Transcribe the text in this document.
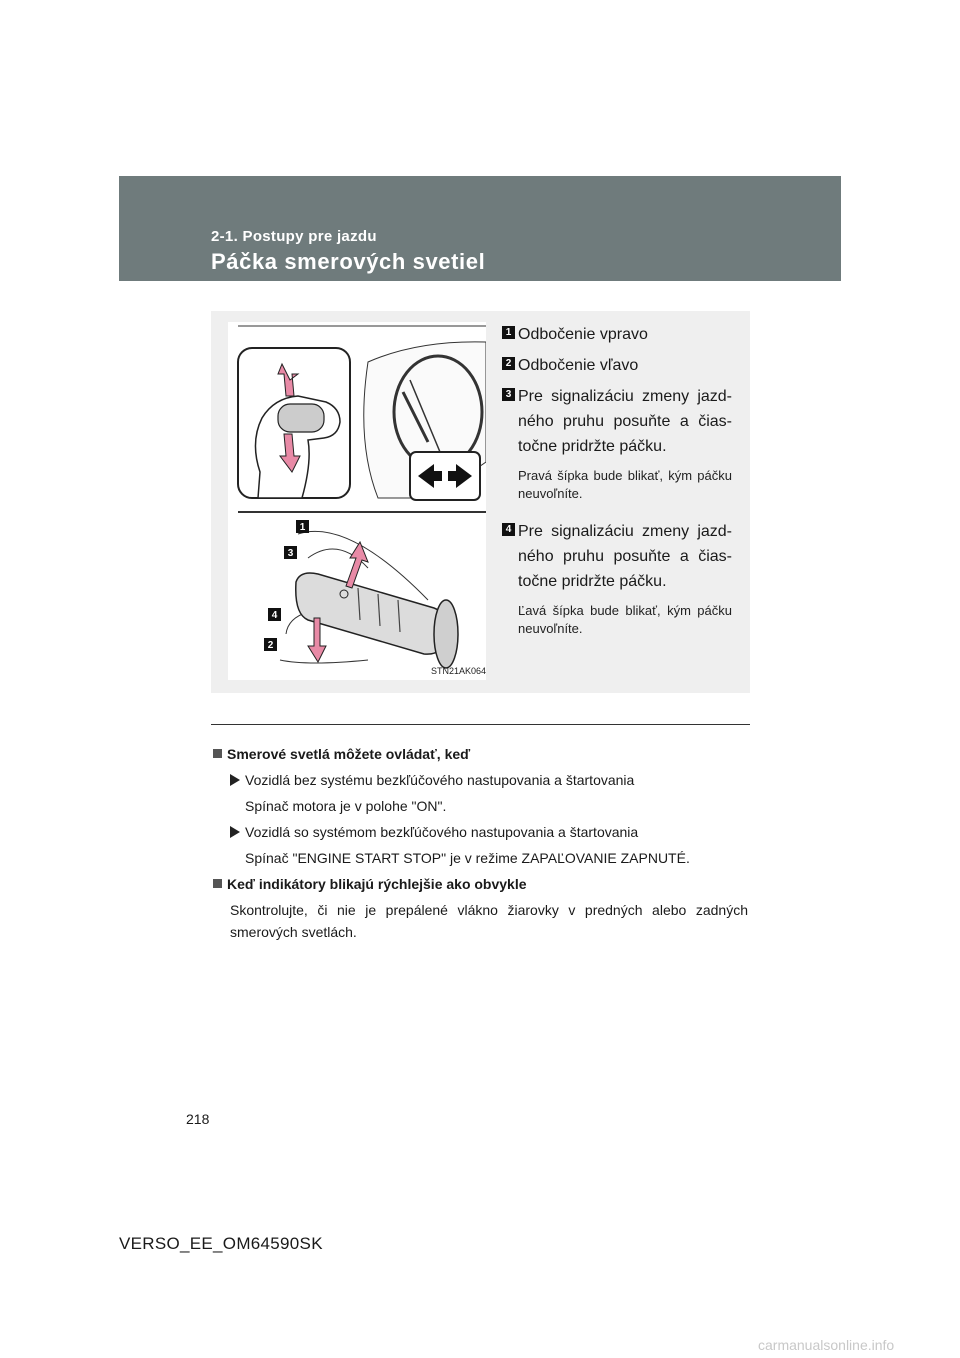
2-1. Postupy pre jazdu
Páčka smerových svetiel
1
3
4
2
STN21AK064
1 Odbočenie vpravo
2 Odbočenie vľavo
3 Pre signalizáciu zmeny jazd-ného pruhu posuňte a čias-točne pridržte páčku.
Pravá šípka bude blikať, kým páčku neuvoľníte.
4 Pre signalizáciu zmeny jazd-ného pruhu posuňte a čias-točne pridržte páčku.
Ľavá šípka bude blikať, kým páčku neuvoľníte.
Smerové svetlá môžete ovládať, keď
Vozidlá bez systému bezkľúčového nastupovania a štartovania
Spínač motora je v polohe "ON".
Vozidlá so systémom bezkľúčového nastupovania a štartovania
Spínač "ENGINE START STOP" je v režime ZAPAĽOVANIE ZAPNUTÉ.
Keď indikátory blikajú rýchlejšie ako obvykle
Skontrolujte, či nie je prepálené vlákno žiarovky v predných alebo zadných smerových svetlách.
218
VERSO_EE_OM64590SK
carmanualsonline.info
